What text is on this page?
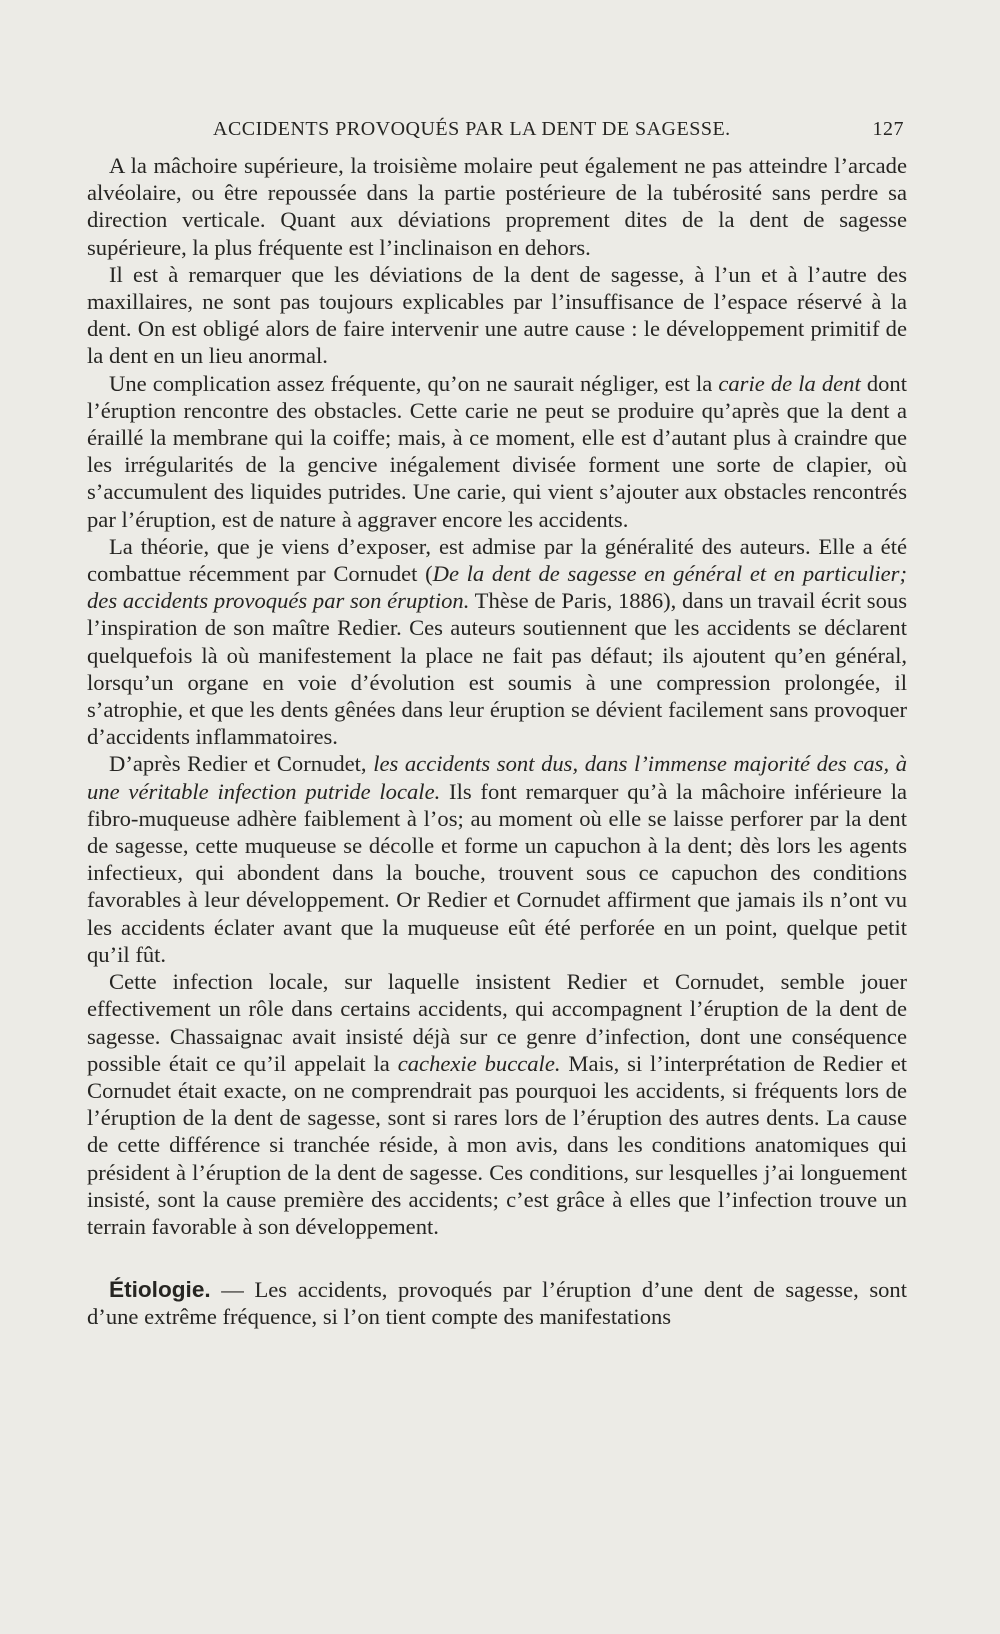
ACCIDENTS PROVOQUÉS PAR LA DENT DE SAGESSE.	127

A la mâchoire supérieure, la troisième molaire peut également ne pas atteindre l’arcade alvéolaire, ou être repoussée dans la partie postérieure de la tubérosité sans perdre sa direction verticale. Quant aux déviations proprement dites de la dent de sagesse supérieure, la plus fréquente est l’inclinaison en dehors.

Il est à remarquer que les déviations de la dent de sagesse, à l’un et à l’autre des maxillaires, ne sont pas toujours explicables par l’insuffisance de l’espace réservé à la dent. On est obligé alors de faire intervenir une autre cause : le développement primitif de la dent en un lieu anormal.

Une complication assez fréquente, qu’on ne saurait négliger, est la carie de la dent dont l’éruption rencontre des obstacles. Cette carie ne peut se produire qu’après que la dent a éraillé la membrane qui la coiffe; mais, à ce moment, elle est d’autant plus à craindre que les irrégularités de la gencive inégalement divisée forment une sorte de clapier, où s’accumulent des liquides putrides. Une carie, qui vient s’ajouter aux obstacles rencontrés par l’éruption, est de nature à aggraver encore les accidents.

La théorie, que je viens d’exposer, est admise par la généralité des auteurs. Elle a été combattue récemment par Cornudet (De la dent de sagesse en général et en particulier; des accidents provoqués par son éruption. Thèse de Paris, 1886), dans un travail écrit sous l’inspiration de son maître Redier. Ces auteurs soutiennent que les accidents se déclarent quelquefois là où manifestement la place ne fait pas défaut; ils ajoutent qu’en général, lorsqu’un organe en voie d’évolution est soumis à une compression prolongée, il s’atrophie, et que les dents gênées dans leur éruption se dévient facilement sans provoquer d’accidents inflammatoires.

D’après Redier et Cornudet, les accidents sont dus, dans l’immense majorité des cas, à une véritable infection putride locale. Ils font remarquer qu’à la mâchoire inférieure la fibro-muqueuse adhère faiblement à l’os; au moment où elle se laisse perforer par la dent de sagesse, cette muqueuse se décolle et forme un capuchon à la dent; dès lors les agents infectieux, qui abondent dans la bouche, trouvent sous ce capuchon des conditions favorables à leur développement. Or Redier et Cornudet affirment que jamais ils n’ont vu les accidents éclater avant que la muqueuse eût été perforée en un point, quelque petit qu’il fût.

Cette infection locale, sur laquelle insistent Redier et Cornudet, semble jouer effectivement un rôle dans certains accidents, qui accompagnent l’éruption de la dent de sagesse. Chassaignac avait insisté déjà sur ce genre d’infection, dont une conséquence possible était ce qu’il appelait la cachexie buccale. Mais, si l’interprétation de Redier et Cornudet était exacte, on ne comprendrait pas pourquoi les accidents, si fréquents lors de l’éruption de la dent de sagesse, sont si rares lors de l’éruption des autres dents. La cause de cette différence si tranchée réside, à mon avis, dans les conditions anatomiques qui président à l’éruption de la dent de sagesse. Ces conditions, sur lesquelles j’ai longuement insisté, sont la cause première des accidents; c’est grâce à elles que l’infection trouve un terrain favorable à son développement.

Étiologie. — Les accidents, provoqués par l’éruption d’une dent de sagesse, sont d’une extrême fréquence, si l’on tient compte des manifestations
